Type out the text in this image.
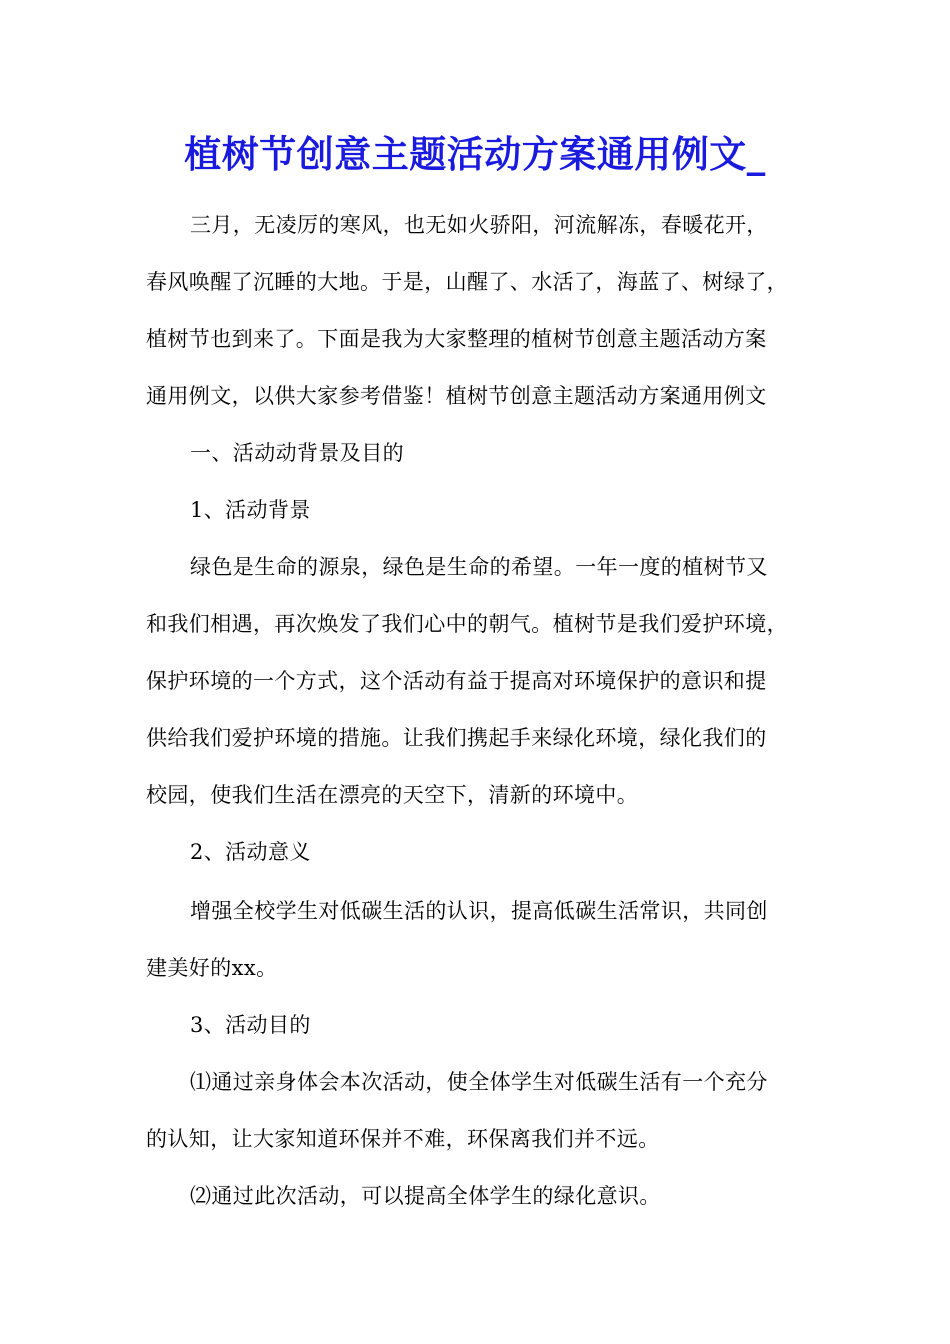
植树节创意主题活动方案通用例文_
三月，无凌厉的寒风，也无如火骄阳，河流解冻，春暖花开，
春风唤醒了沉睡的大地。于是，山醒了、水活了，海蓝了、树绿了，
植树节也到来了。下面是我为大家整理的植树节创意主题活动方案
通用例文，以供大家参考借鉴！植树节创意主题活动方案通用例文
一、活动动背景及目的
1、活动背景
绿色是生命的源泉，绿色是生命的希望。一年一度的植树节又
和我们相遇，再次焕发了我们心中的朝气。植树节是我们爱护环境，
保护环境的一个方式，这个活动有益于提高对环境保护的意识和提
供给我们爱护环境的措施。让我们携起手来绿化环境，绿化我们的
校园，使我们生活在漂亮的天空下，清新的环境中。
2、活动意义
增强全校学生对低碳生活的认识，提高低碳生活常识，共同创
建美好的xx。
3、活动目的
⑴通过亲身体会本次活动，使全体学生对低碳生活有一个充分
的认知，让大家知道环保并不难，环保离我们并不远。
⑵通过此次活动，可以提高全体学生的绿化意识。
